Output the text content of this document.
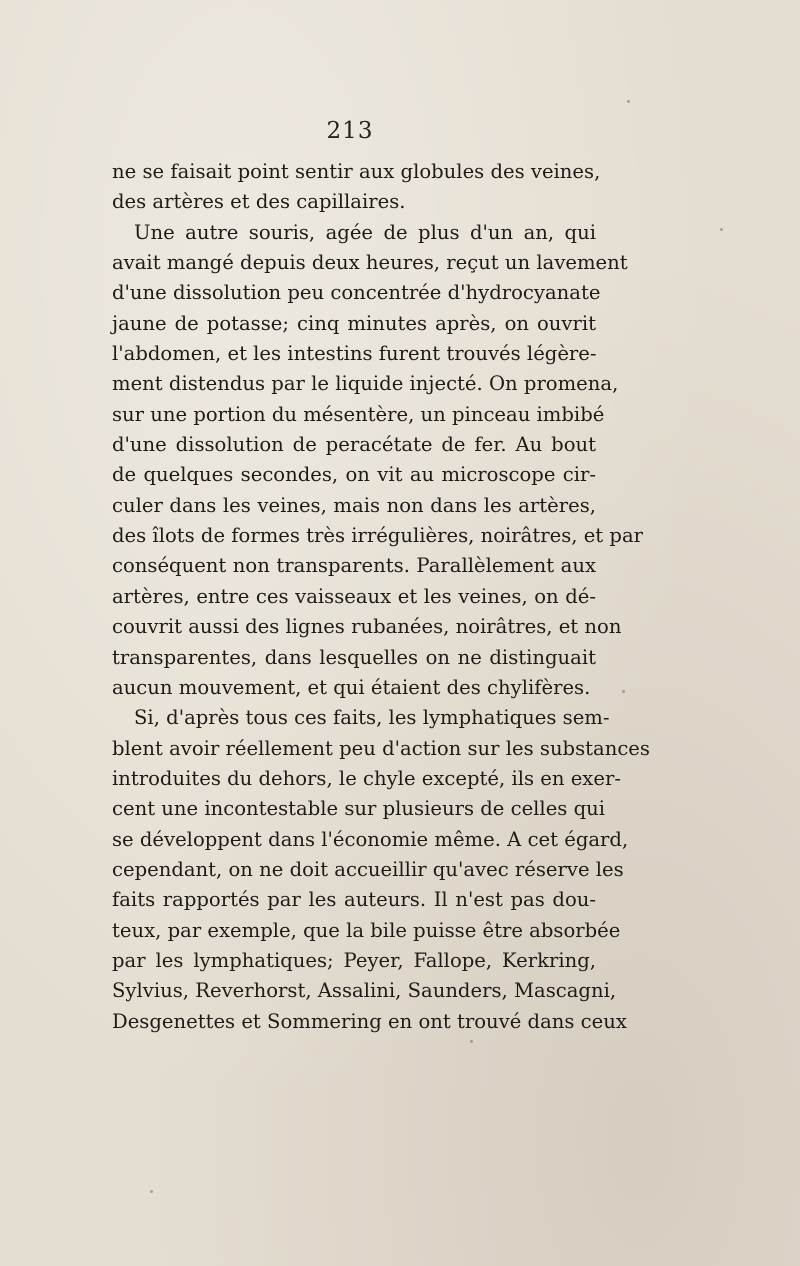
213
ne se faisait point sentir aux globules des veines,
des artères et des capillaires.
Une autre souris, agée de plus d'un an, qui
avait mangé depuis deux heures, reçut un lavement
d'une dissolution peu concentrée d'hydrocyanate
jaune de potasse; cinq minutes après, on ouvrit
l'abdomen, et les intestins furent trouvés légère-
ment distendus par le liquide injecté. On promena,
sur une portion du mésentère, un pinceau imbibé
d'une dissolution de peracétate de fer. Au bout
de quelques secondes, on vit au microscope cir-
culer dans les veines, mais non dans les artères,
des îlots de formes très irrégulières, noirâtres, et par
conséquent non transparents. Parallèlement aux
artères, entre ces vaisseaux et les veines, on dé-
couvrit aussi des lignes rubanées, noirâtres, et non
transparentes, dans lesquelles on ne distinguait
aucun mouvement, et qui étaient des chylifères.
Si, d'après tous ces faits, les lymphatiques sem-
blent avoir réellement peu d'action sur les substances
introduites du dehors, le chyle excepté, ils en exer-
cent une incontestable sur plusieurs de celles qui
se développent dans l'économie même. A cet égard,
cependant, on ne doit accueillir qu'avec réserve les
faits rapportés par les auteurs. Il n'est pas dou-
teux, par exemple, que la bile puisse être absorbée
par les lymphatiques; Peyer, Fallope, Kerkring,
Sylvius, Reverhorst, Assalini, Saunders, Mascagni,
Desgenettes et Sommering en ont trouvé dans ceux
